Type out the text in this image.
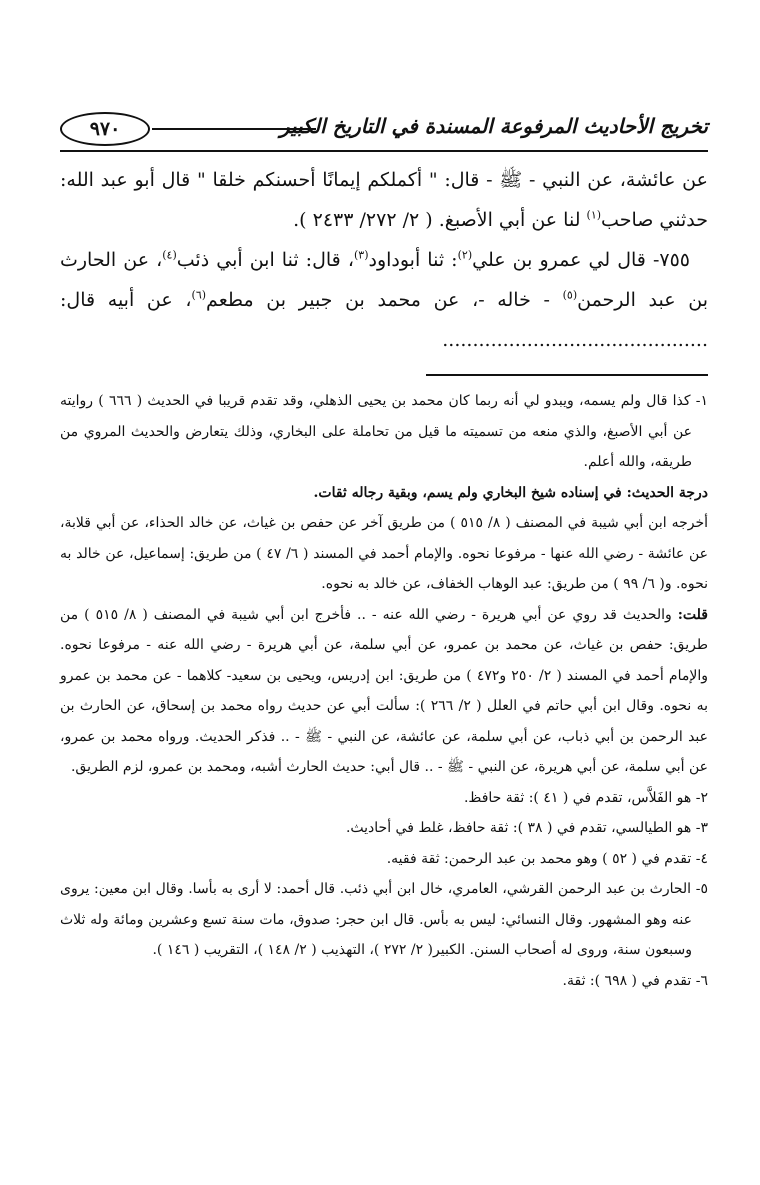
تخريج الأحاديث المرفوعة المسندة في التاريخ الكبير
٩٧٠

عن عائشة، عن النبي - ﷺ - قال: " أكملكم إيمانًا أحسنكم خلقا " قال أبو عبد الله: حدثني صاحب$^{(١)}$ لنا عن أبي الأصبغ. ( ٢/ ٢٧٢/ ٢٤٣٣ ).

٧٥٥- قال لي عمرو بن علي$^{(٢)}$: ثنا أبوداود$^{(٣)}$، قال: ثنا ابن أبي ذئب$^{(٤)}$، عن الحارث بن عبد الرحمن$^{(٥)}$ - خاله -، عن محمد بن جبير بن مطعم$^{(٦)}$، عن أبيه قال: ............................................

١- كذا قال ولم يسمه، ويبدو لي أنه ربما كان محمد بن يحيى الذهلي، وقد تقدم قريبا في الحديث ( ٦٦٦ ) روايته عن أبي الأصبغ، والذي منعه من تسميته ما قيل من تحاملة على البخاري، وذلك يتعارض والحديث المروي من طريقه، والله أعلم.

درجة الحديث: في إسناده شيخ البخاري ولم يسم، وبقية رجاله ثقات.

أخرجه ابن أبي شيبة في المصنف ( ٨/ ٥١٥ ) من طريق آخر عن حفص بن غياث، عن خالد الحذاء، عن أبي قلابة، عن عائشة - رضي الله عنها - مرفوعا نحوه. والإمام أحمد في المسند ( ٦/ ٤٧ ) من طريق: إسماعيل، عن خالد به نحوه. و( ٦/ ٩٩ ) من طريق: عبد الوهاب الخفاف، عن خالد به نحوه.

قلت: والحديث قد روي عن أبي هريرة - رضي الله عنه - .. فأخرج ابن أبي شيبة في المصنف ( ٨/ ٥١٥ ) من طريق: حفص بن غياث، عن محمد بن عمرو، عن أبي سلمة، عن أبي هريرة - رضي الله عنه - مرفوعا نحوه. والإمام أحمد في المسند ( ٢/ ٢٥٠ و٤٧٢ ) من طريق: ابن إدريس، ويحيى بن سعيد- كلاهما - عن محمد بن عمرو به نحوه. وقال ابن أبي حاتم في العلل ( ٢/ ٢٦٦ ): سألت أبي عن حديث رواه محمد بن إسحاق، عن الحارث بن عبد الرحمن بن أبي ذباب، عن أبي سلمة، عن عائشة، عن النبي - ﷺ - .. فذكر الحديث. ورواه محمد بن عمرو، عن أبي سلمة، عن أبي هريرة، عن النبي - ﷺ - .. قال أبي: حديث الحارث أشبه، ومحمد بن عمرو، لزم الطريق.

٢- هو الفَلاَّس، تقدم في ( ٤١ ): ثقة حافظ.

٣- هو الطيالسي، تقدم في ( ٣٨ ): ثقة حافظ، غلط في أحاديث.

٤- تقدم في ( ٥٢ ) وهو محمد بن عبد الرحمن: ثقة فقيه.

٥- الحارث بن عبد الرحمن القرشي، العامري، خال ابن أبي ذئب. قال أحمد: لا أرى به بأسا. وقال ابن معين: يروى عنه وهو المشهور. وقال النسائي: ليس به بأس. قال ابن حجر: صدوق، مات سنة تسع وعشرين ومائة وله ثلاث وسبعون سنة، وروى له أصحاب السنن. الكبير( ٢/ ٢٧٢ )، التهذيب ( ٢/ ١٤٨ )، التقريب ( ١٤٦ ).

٦- تقدم في ( ٦٩٨ ): ثقة.
